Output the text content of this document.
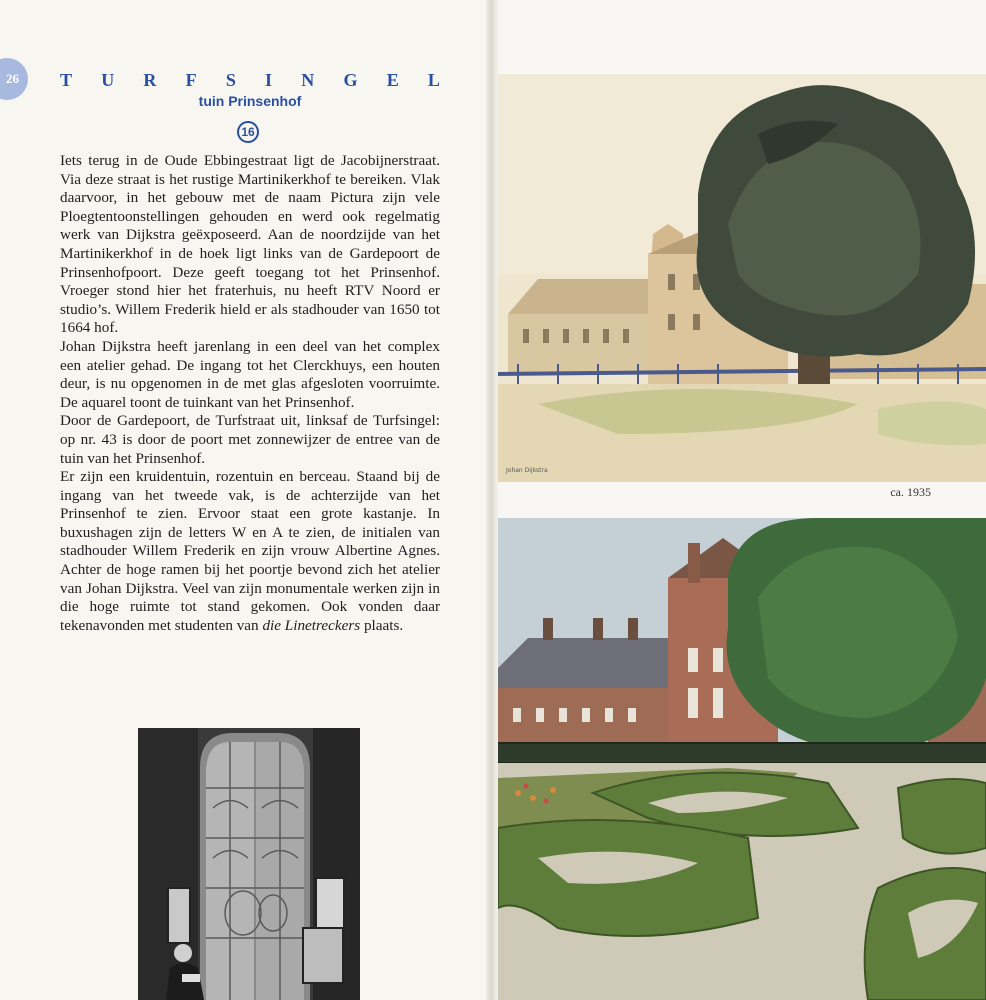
26	T U R F S I N G E L
tuin Prinsenhof
16

Iets terug in de Oude Ebbingestraat ligt de Jacobijnerstraat. Via deze straat is het rustige Martinikerkhof te bereiken. Vlak daarvoor, in het gebouw met de naam Pictura zijn vele Ploegtentoonstellingen gehouden en werd ook regelmatig werk van Dijkstra geëxposeerd. Aan de noordzijde van het Martinikerkhof in de hoek ligt links van de Gardepoort de Prinsenhofpoort. Deze geeft toegang tot het Prinsenhof. Vroeger stond hier het fraterhuis, nu heeft RTV Noord er studio’s. Willem Frederik hield er als stadhouder van 1650 tot 1664 hof.

Johan Dijkstra heeft jarenlang in een deel van het complex een atelier gehad. De ingang tot het Clerckhuys, een houten deur, is nu opgenomen in de met glas afgesloten voorruimte. De aquarel toont de tuinkant van het Prinsenhof.

Door de Gardepoort, de Turfstraat uit, linksaf de Turfsingel: op nr. 43 is door de poort met zonnewijzer de entree van de tuin van het Prinsenhof.

Er zijn een kruidentuin, rozentuin en berceau. Staand bij de ingang van het tweede vak, is de achterzijde van het Prinsenhof te zien. Ervoor staat een grote kastanje. In buxushagen zijn de letters W en A te zien, de initialen van stadhouder Willem Frederik en zijn vrouw Albertine Agnes. Achter de hoge ramen bij het poortje bevond zich het atelier van Johan Dijkstra. Veel van zijn monumentale werken zijn in die hoge ruimte tot stand gekomen. Ook vonden daar tekenavonden met studenten van die Linetreckers plaats.

Johan Dijkstra
ca. 1935
